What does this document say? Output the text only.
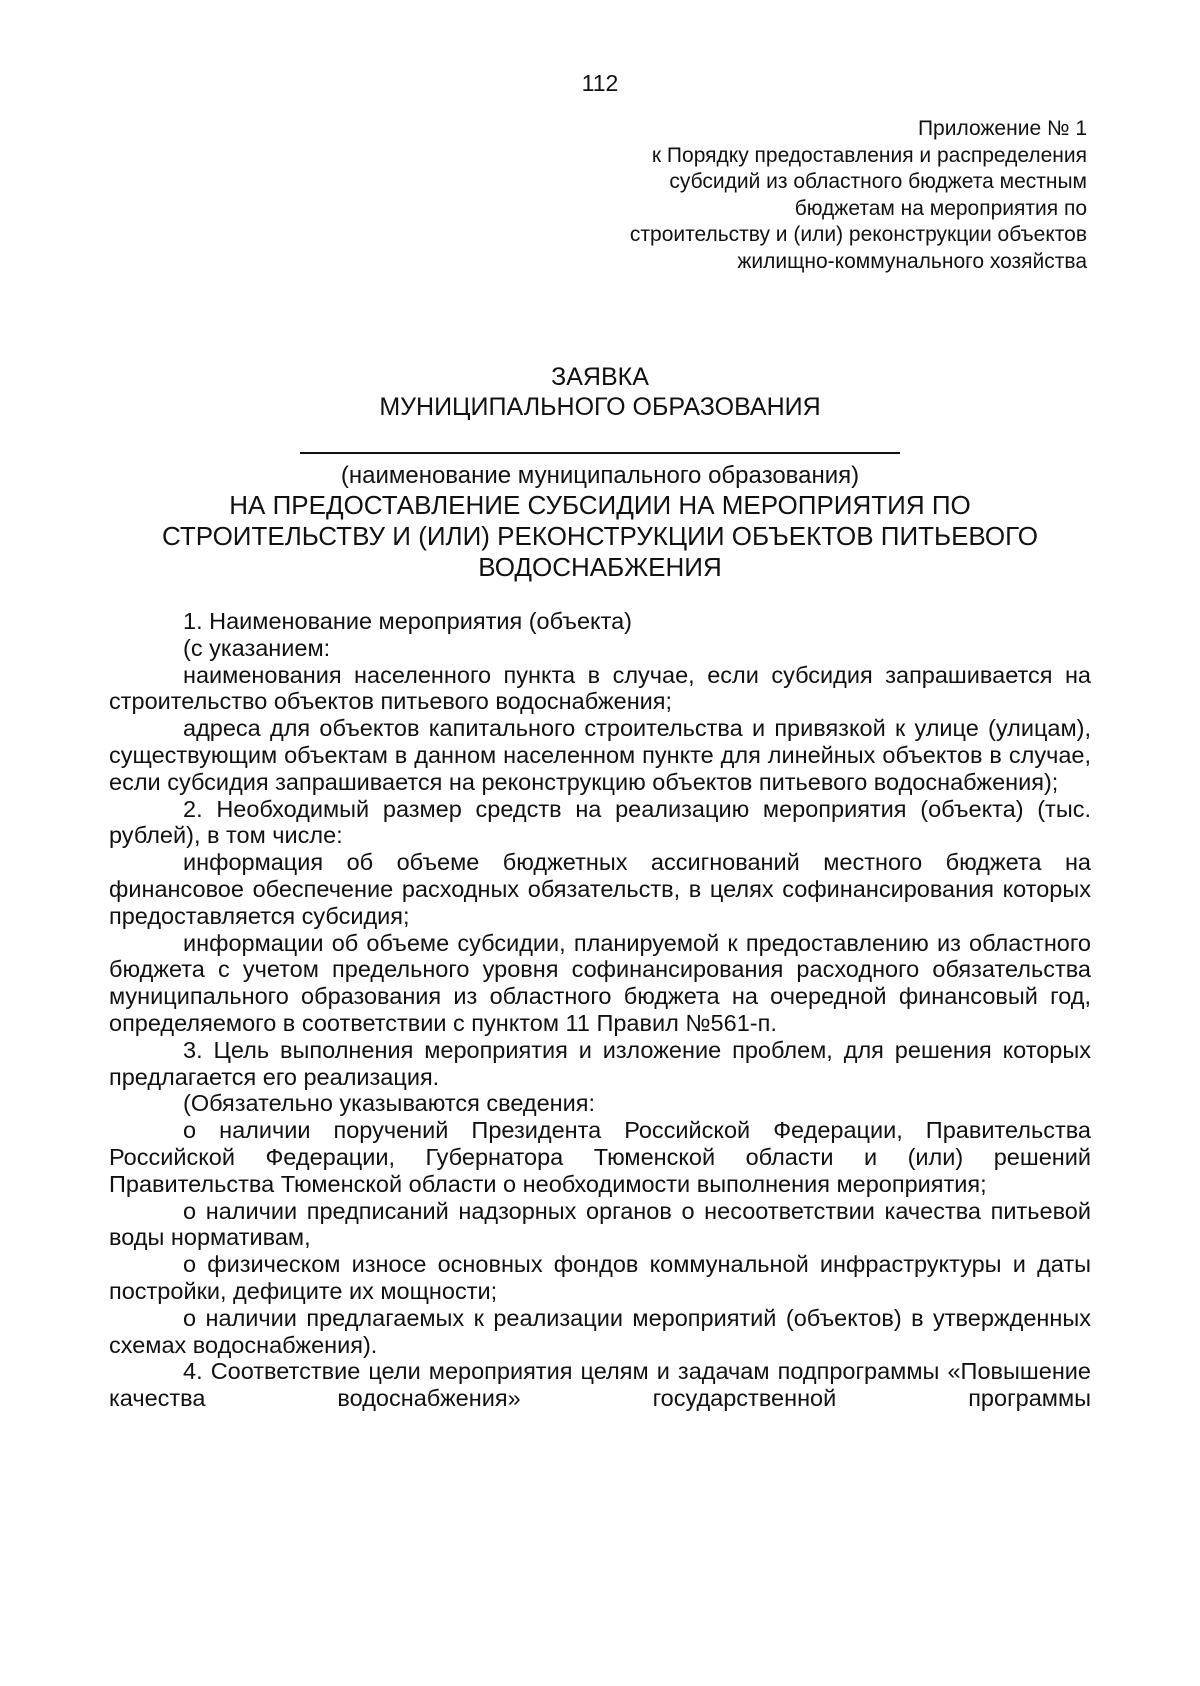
112
Приложение № 1
к Порядку предоставления и распределения
субсидий из областного бюджета местным
бюджетам на мероприятия по
строительству и (или) реконструкции объектов
жилищно-коммунального хозяйства
ЗАЯВКА
МУНИЦИПАЛЬНОГО ОБРАЗОВАНИЯ
(наименование муниципального образования)
НА ПРЕДОСТАВЛЕНИЕ СУБСИДИИ НА МЕРОПРИЯТИЯ ПО
СТРОИТЕЛЬСТВУ И (ИЛИ) РЕКОНСТРУКЦИИ ОБЪЕКТОВ ПИТЬЕВОГО
ВОДОСНАБЖЕНИЯ

1. Наименование мероприятия (объекта)

(с указанием:

наименования населенного пункта в случае, если субсидия запрашивается на строительство объектов питьевого водоснабжения;

адреса для объектов капитального строительства и привязкой к улице (улицам), существующим объектам в данном населенном пункте для линейных объектов в случае, если субсидия запрашивается на реконструкцию объектов питьевого водоснабжения);

2. Необходимый размер средств на реализацию мероприятия (объекта) (тыс. рублей), в том числе:

информация об объеме бюджетных ассигнований местного бюджета на финансовое обеспечение расходных обязательств, в целях софинансирования которых предоставляется субсидия;

информации об объеме субсидии, планируемой к предоставлению из областного бюджета с учетом предельного уровня софинансирования расходного обязательства муниципального образования из областного бюджета на очередной финансовый год, определяемого в соответствии с пунктом 11 Правил №561-п.

3. Цель выполнения мероприятия и изложение проблем, для решения которых предлагается его реализация.

(Обязательно указываются сведения:

о наличии поручений Президента Российской Федерации, Правительства Российской Федерации, Губернатора Тюменской области и (или) решений Правительства Тюменской области о необходимости выполнения мероприятия;

о наличии предписаний надзорных органов о несоответствии качества питьевой воды нормативам,

о физическом износе основных фондов коммунальной инфраструктуры и даты постройки, дефиците их мощности;

о наличии предлагаемых к реализации мероприятий (объектов) в утвержденных схемах водоснабжения).

4. Соответствие цели мероприятия целям и задачам подпрограммы «Повышение качества водоснабжения» государственной программы
